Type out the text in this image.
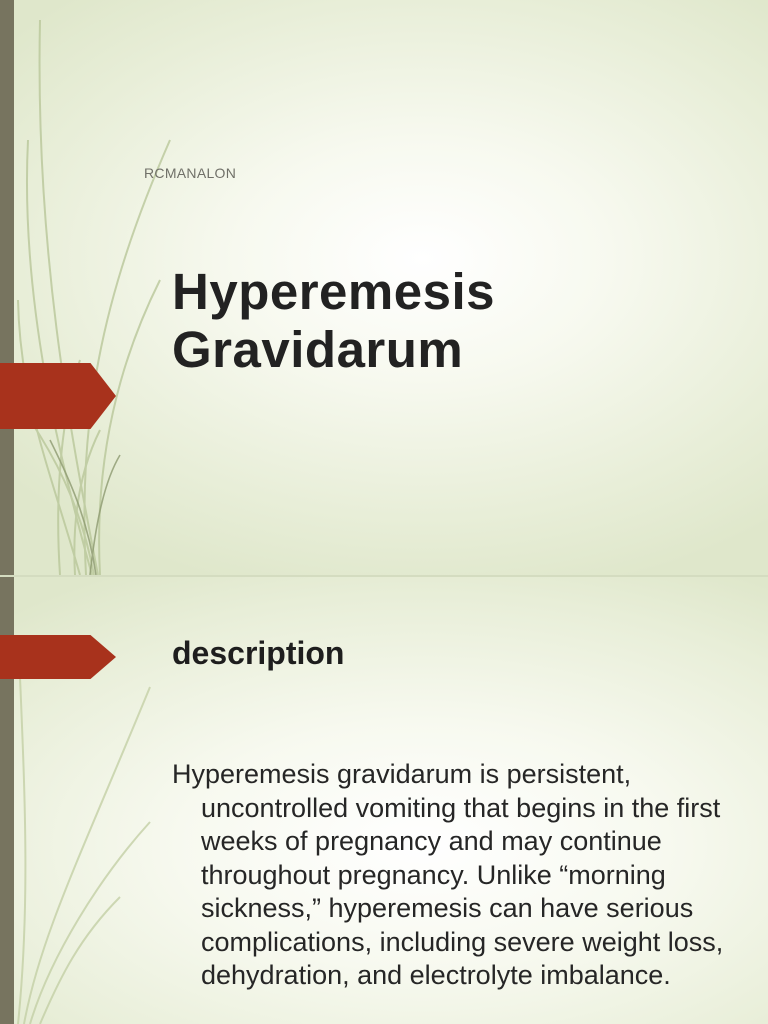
RCMANALON
Hyperemesis
Gravidarum
description

Hyperemesis gravidarum is persistent, uncontrolled vomiting that begins in the first weeks of pregnancy and may continue throughout pregnancy. Unlike “morning sickness,” hyperemesis can have serious complications, including severe weight loss, dehydration, and electrolyte imbalance.
